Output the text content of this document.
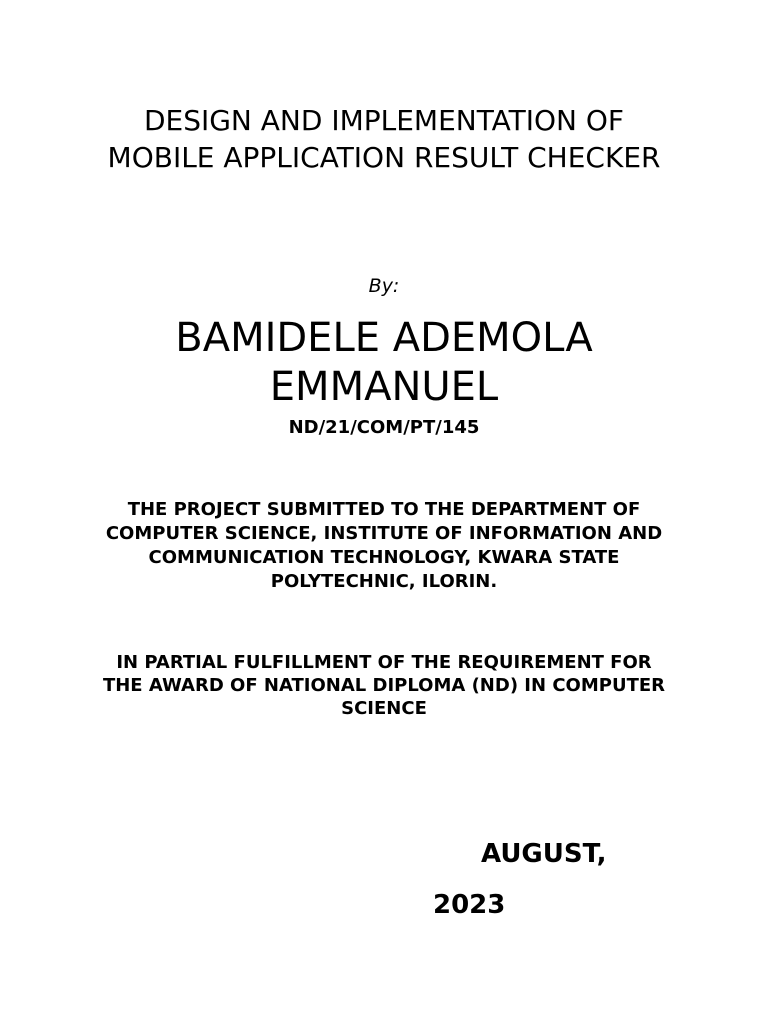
DESIGN AND IMPLEMENTATION OF MOBILE APPLICATION RESULT CHECKER

By:

BAMIDELE ADEMOLA EMMANUEL

ND/21/COM/PT/145

THE PROJECT SUBMITTED TO THE DEPARTMENT OF COMPUTER SCIENCE, INSTITUTE OF INFORMATION AND COMMUNICATION TECHNOLOGY, KWARA STATE POLYTECHNIC, ILORIN.

IN PARTIAL FULFILLMENT OF THE REQUIREMENT FOR THE AWARD OF NATIONAL DIPLOMA (ND) IN COMPUTER SCIENCE

AUGUST,

2023
